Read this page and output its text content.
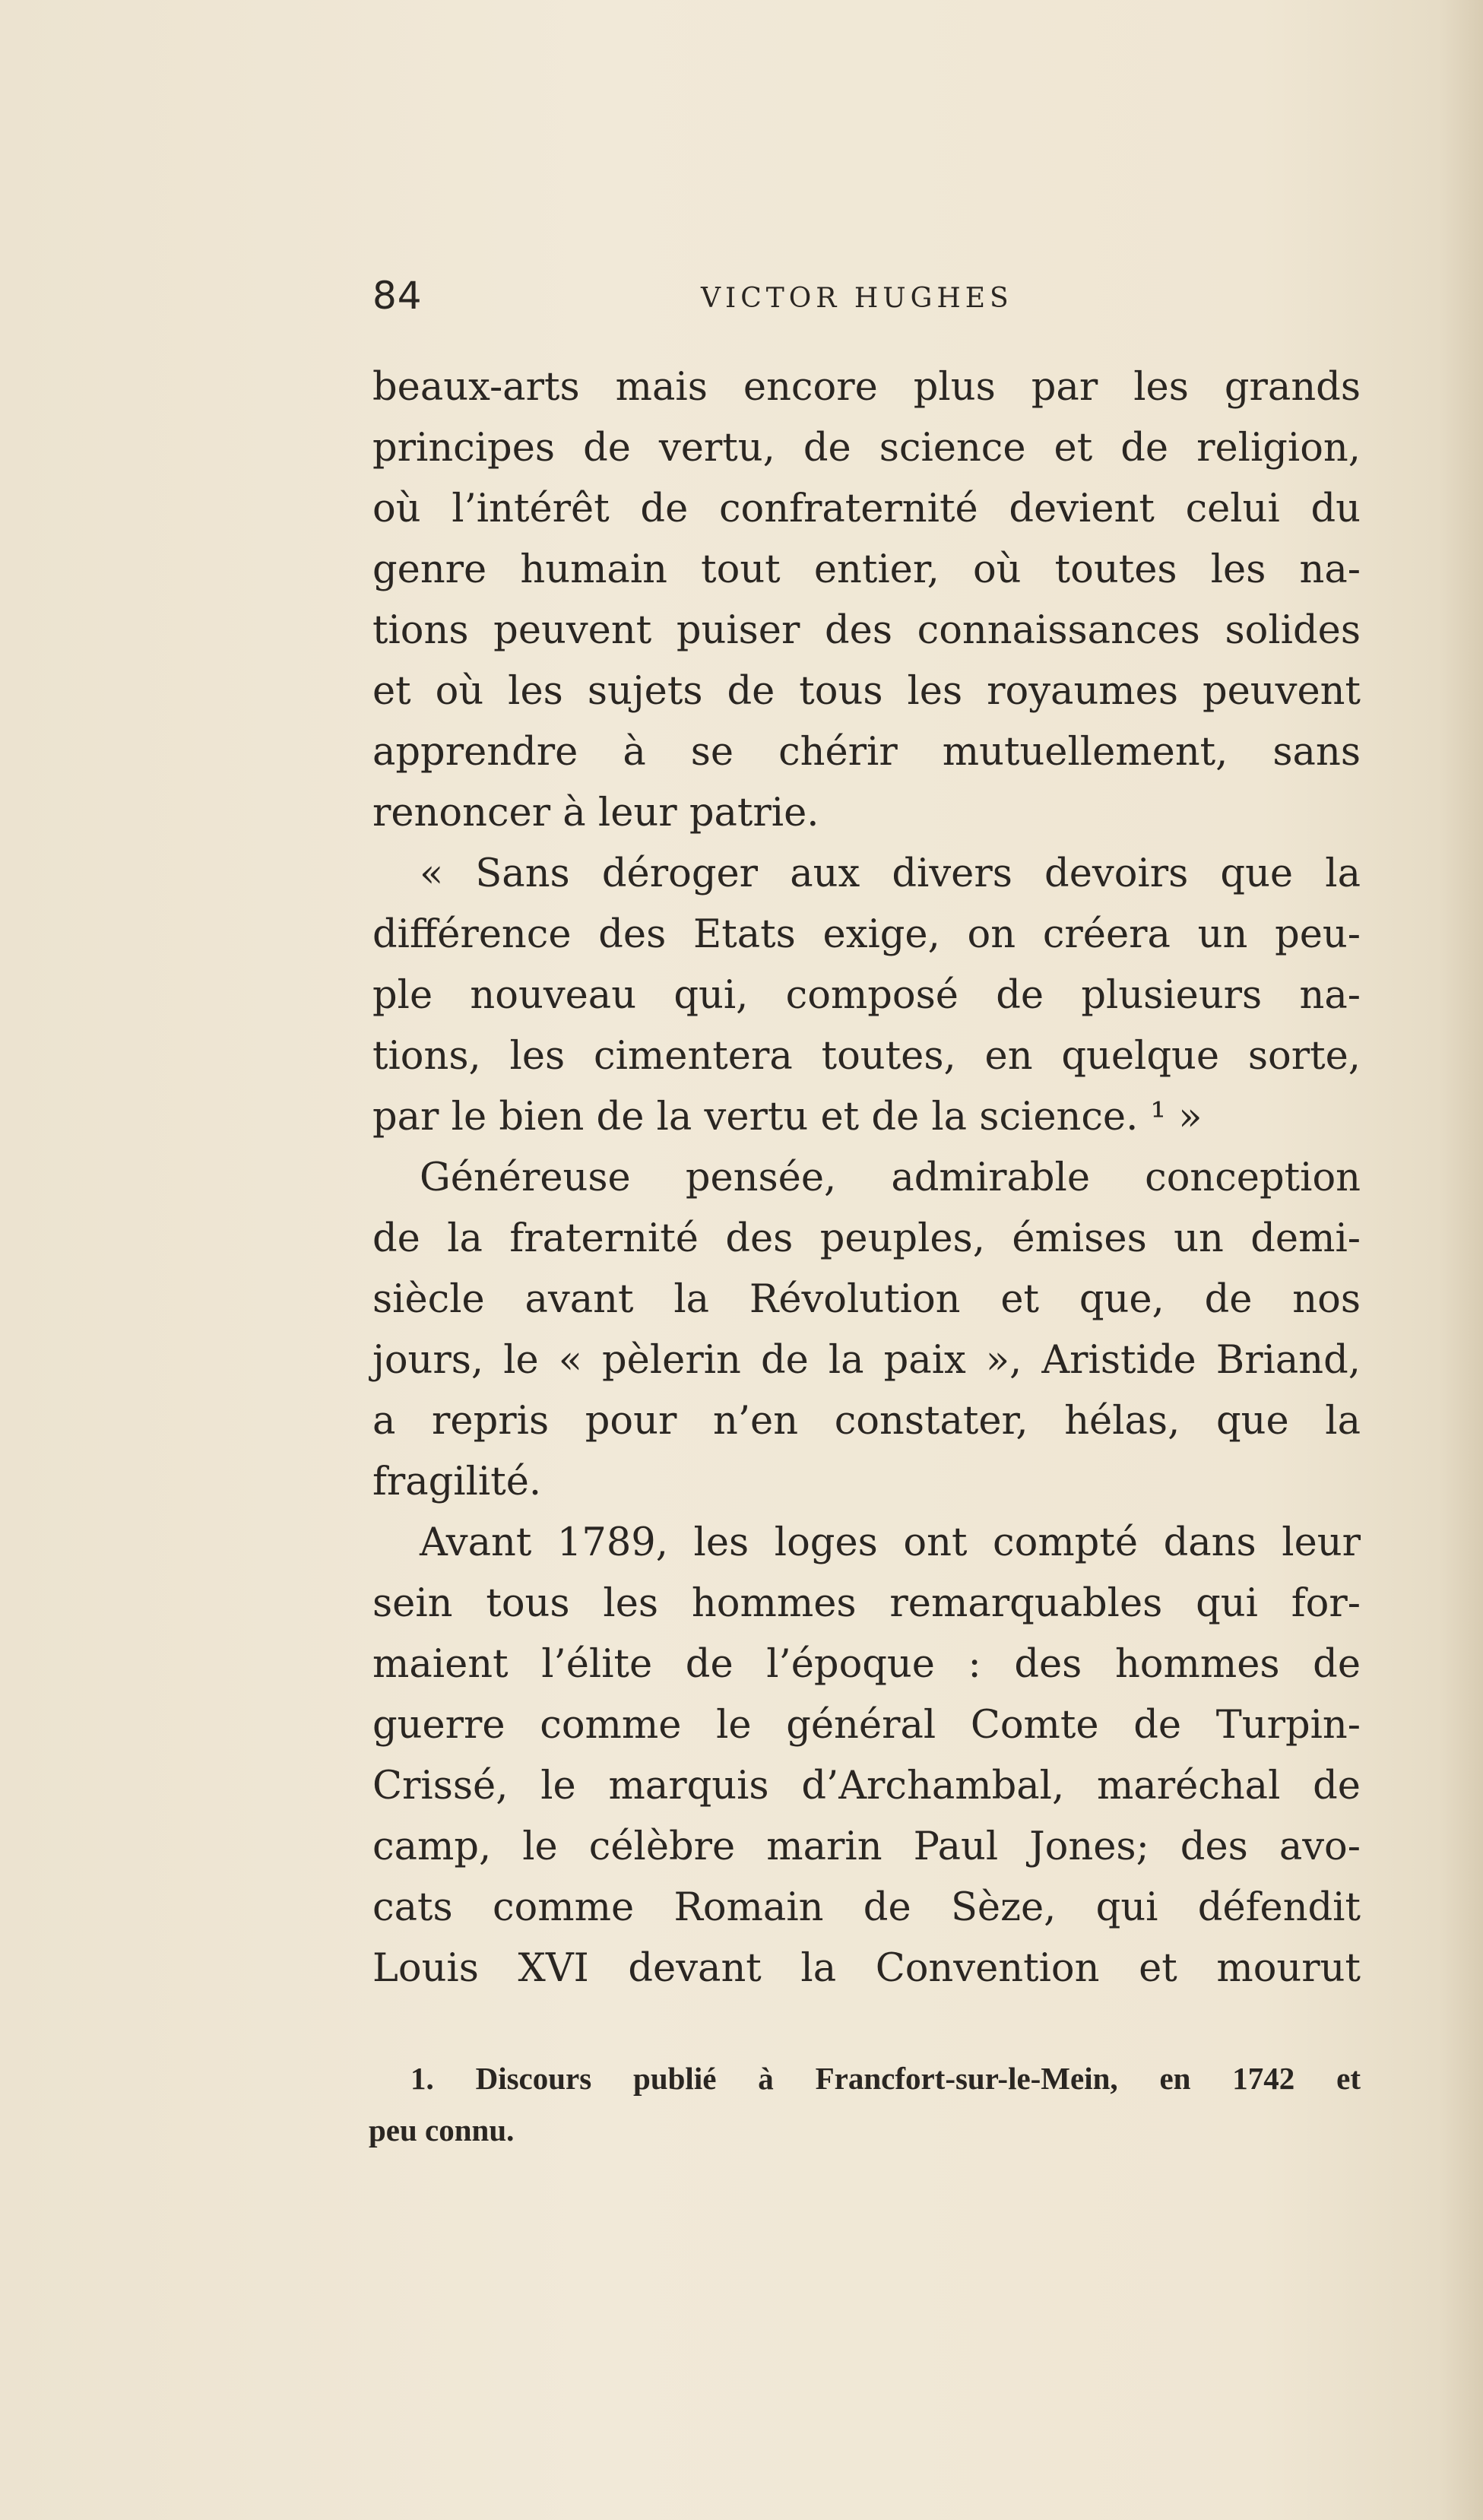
84	VICTOR HUGHES
beaux-arts mais encore plus par les grands
principes de vertu, de science et de religion,
où l’intérêt de confraternité devient celui du
genre humain tout entier, où toutes les na-
tions peuvent puiser des connaissances solides
et où les sujets de tous les royaumes peuvent
apprendre à se chérir mutuellement, sans
renoncer à leur patrie.
« Sans déroger aux divers devoirs que la
différence des Etats exige, on créera un peu-
ple nouveau qui, composé de plusieurs na-
tions, les cimentera toutes, en quelque sorte,
par le bien de la vertu et de la science. ¹ »
Généreuse pensée, admirable conception
de la fraternité des peuples, émises un demi-
siècle avant la Révolution et que, de nos
jours, le « pèlerin de la paix », Aristide Briand,
a repris pour n’en constater, hélas, que la
fragilité.
Avant 1789, les loges ont compté dans leur
sein tous les hommes remarquables qui for-
maient l’élite de l’époque : des hommes de
guerre comme le général Comte de Turpin-
Crissé, le marquis d’Archambal, maréchal de
camp, le célèbre marin Paul Jones; des avo-
cats comme Romain de Sèze, qui défendit
Louis XVI devant la Convention et mourut
1. Discours publié à Francfort-sur-le-Mein, en 1742 et
peu connu.
